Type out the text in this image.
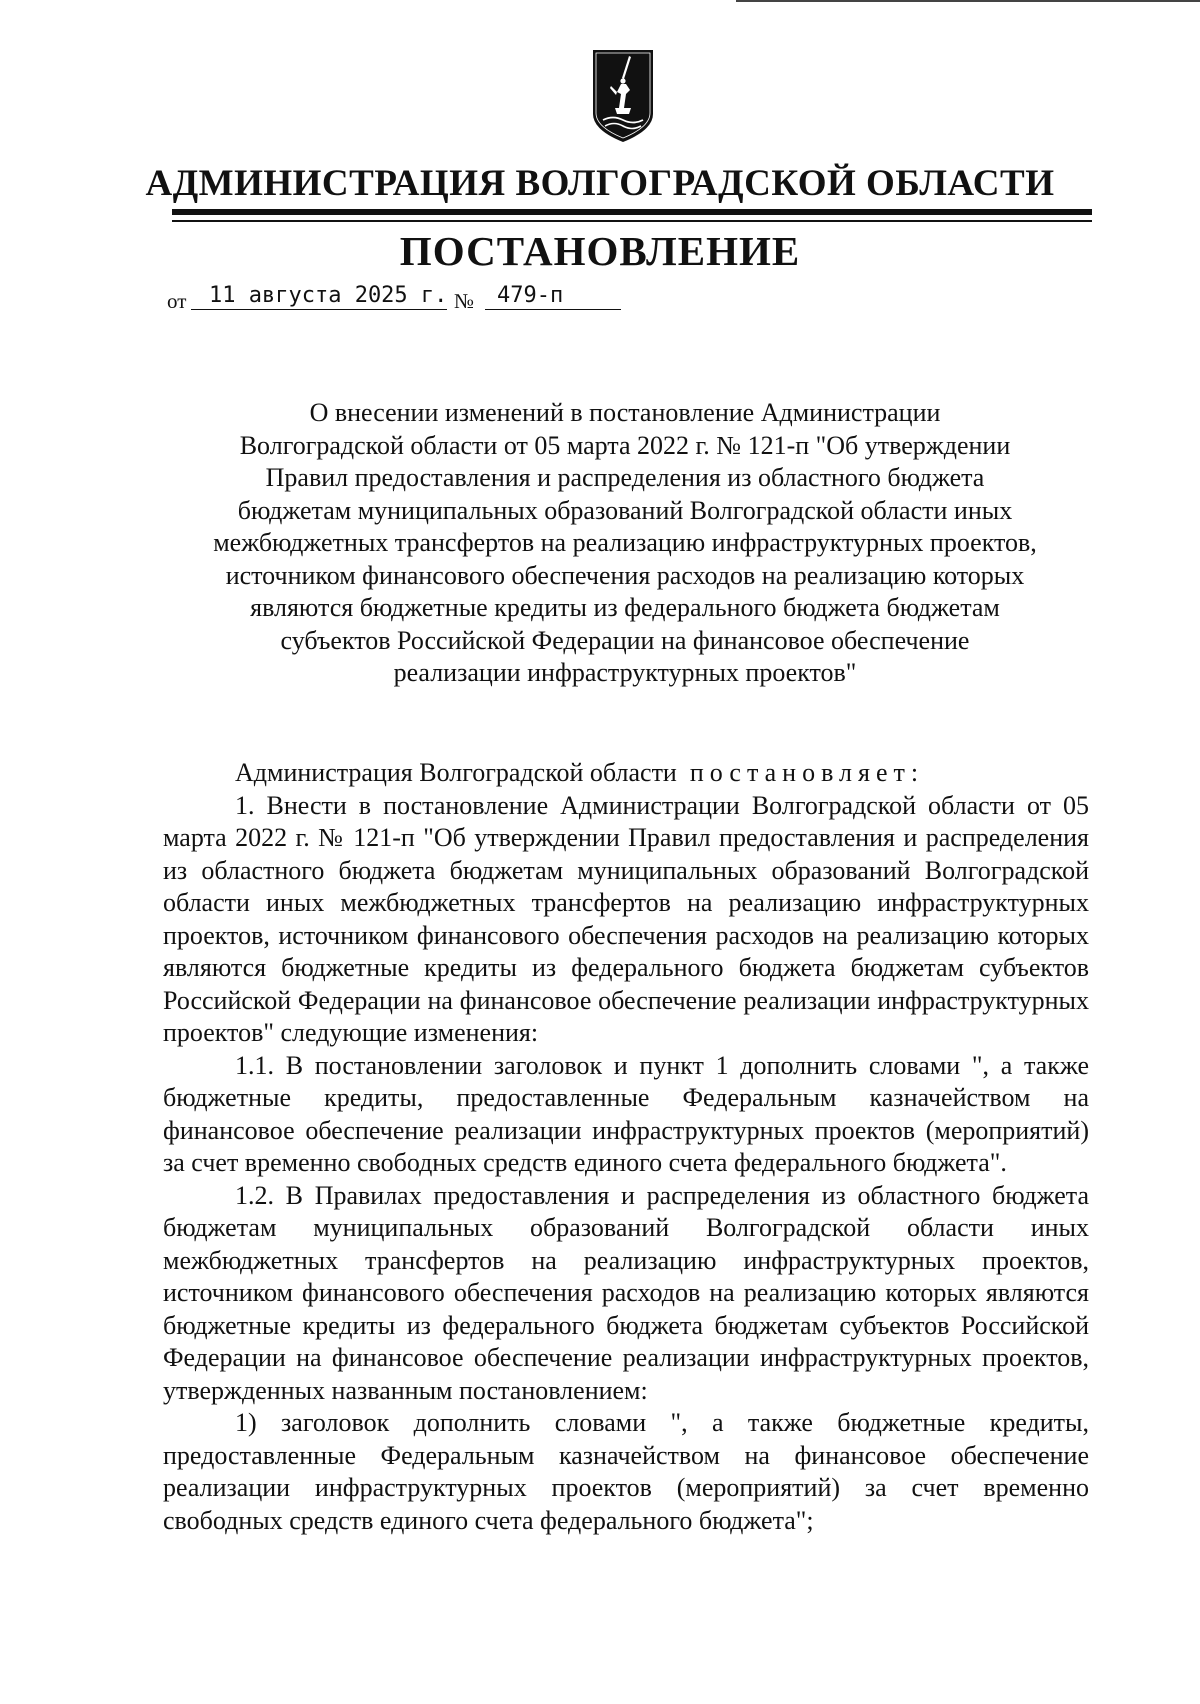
АДМИНИСТРАЦИЯ ВОЛГОГРАДСКОЙ ОБЛАСТИ
ПОСТАНОВЛЕНИЕ
от	11 августа 2025 г. №	479-п
О внесении изменений в постановление Администрации
Волгоградской области от 05 марта 2022 г. № 121-п "Об утверждении
Правил предоставления и распределения из областного бюджета
бюджетам муниципальных образований Волгоградской области иных
межбюджетных трансфертов на реализацию инфраструктурных проектов,
источником финансового обеспечения расходов на реализацию которых
являются бюджетные кредиты из федерального бюджета бюджетам
субъектов Российской Федерации на финансовое обеспечение
реализации инфраструктурных проектов"

Администрация Волгоградской области постановляет:

1. Внести в постановление Администрации Волгоградской области от 05 марта 2022 г. № 121-п "Об утверждении Правил предоставления и распределения из областного бюджета бюджетам муниципальных образований Волгоградской области иных межбюджетных трансфертов на реализацию инфраструктурных проектов, источником финансового обеспечения расходов на реализацию которых являются бюджетные кредиты из федерального бюджета бюджетам субъектов Российской Федерации на финансовое обеспечение реализации инфраструктурных проектов" следующие изменения:

1.1. В постановлении заголовок и пункт 1 дополнить словами ", а также бюджетные кредиты, предоставленные Федеральным казначейством на финансовое обеспечение реализации инфраструктурных проектов (мероприятий) за счет временно свободных средств единого счета федерального бюджета".

1.2. В Правилах предоставления и распределения из областного бюджета бюджетам муниципальных образований Волгоградской области иных межбюджетных трансфертов на реализацию инфраструктурных проектов, источником финансового обеспечения расходов на реализацию которых являются бюджетные кредиты из федерального бюджета бюджетам субъектов Российской Федерации на финансовое обеспечение реализации инфраструктурных проектов, утвержденных названным постановлением:

1) заголовок дополнить словами ", а также бюджетные кредиты, предоставленные Федеральным казначейством на финансовое обеспечение реализации инфраструктурных проектов (мероприятий) за счет временно свободных средств единого счета федерального бюджета";
